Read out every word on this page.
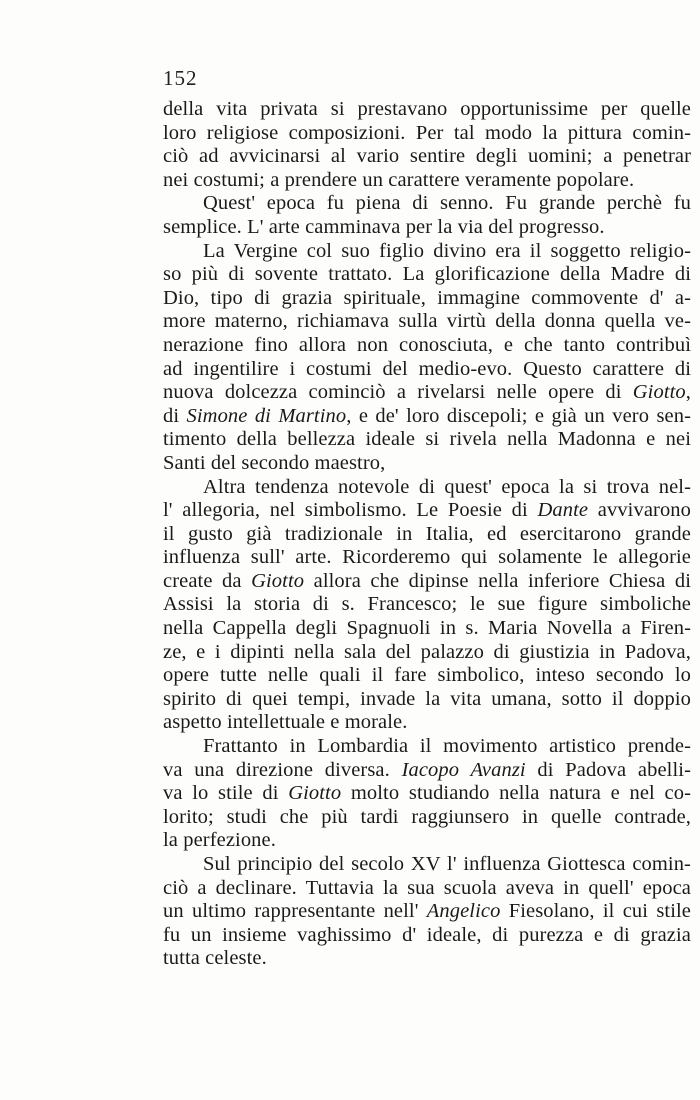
152
della vita privata si prestavano opportunissime per quelle
loro religiose composizioni. Per tal modo la pittura comin-
ciò ad avvicinarsi al vario sentire degli uomini; a penetrar
nei costumi; a prendere un carattere veramente popolare.
Quest' epoca fu piena di senno. Fu grande perchè fu
semplice. L' arte camminava per la via del progresso.
La Vergine col suo figlio divino era il soggetto religio-
so più di sovente trattato. La glorificazione della Madre di
Dio, tipo di grazia spirituale, immagine commovente d' a-
more materno, richiamava sulla virtù della donna quella ve-
nerazione fino allora non conosciuta, e che tanto contribuì
ad ingentilire i costumi del medio-evo. Questo carattere di
nuova dolcezza cominciò a rivelarsi nelle opere di Giotto,
di Simone di Martino, e de' loro discepoli; e già un vero sen-
timento della bellezza ideale si rivela nella Madonna e nei
Santi del secondo maestro,
Altra tendenza notevole di quest' epoca la si trova nel-
l' allegoria, nel simbolismo. Le Poesie di Dante avvivarono
il gusto già tradizionale in Italia, ed esercitarono grande
influenza sull' arte. Ricorderemo qui solamente le allegorie
create da Giotto allora che dipinse nella inferiore Chiesa di
Assisi la storia di s. Francesco; le sue figure simboliche
nella Cappella degli Spagnuoli in s. Maria Novella a Firen-
ze, e i dipinti nella sala del palazzo di giustizia in Padova,
opere tutte nelle quali il fare simbolico, inteso secondo lo
spirito di quei tempi, invade la vita umana, sotto il doppio
aspetto intellettuale e morale.
Frattanto in Lombardia il movimento artistico prende-
va una direzione diversa. Iacopo Avanzi di Padova abelli-
va lo stile di Giotto molto studiando nella natura e nel co-
lorito; studi che più tardi raggiunsero in quelle contrade,
la perfezione.
Sul principio del secolo XV l' influenza Giottesca comin-
ciò a declinare. Tuttavia la sua scuola aveva in quell' epoca
un ultimo rappresentante nell' Angelico Fiesolano, il cui stile
fu un insieme vaghissimo d' ideale, di purezza e di grazia
tutta celeste.
